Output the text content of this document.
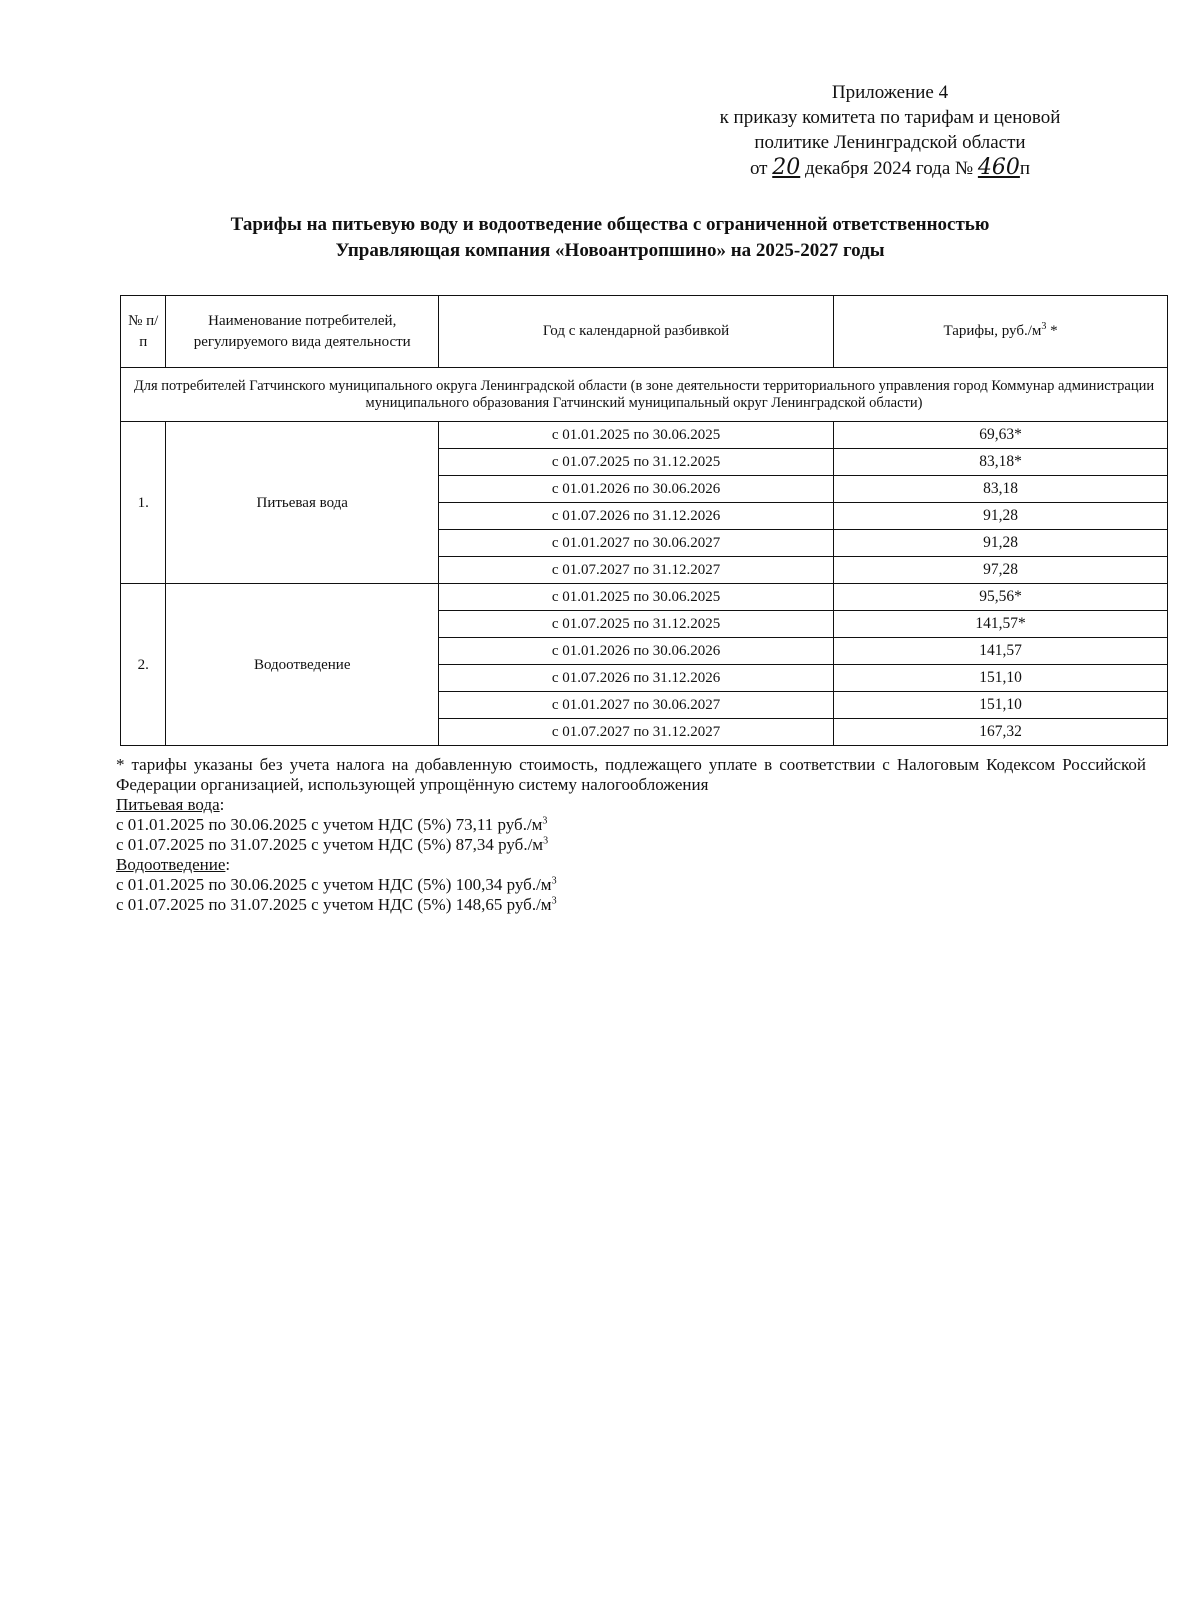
Приложение 4
к приказу комитета по тарифам и ценовой
политике Ленинградской области
от 20 декабря 2024 года № 460п
Тарифы на питьевую воду и водоотведение общества с ограниченной ответственностью
Управляющая компания «Новоантропшино» на 2025-2027 годы
№ п/п	Наименование потребителей, регулируемого вида деятельности	Год с календарной разбивкой	Тарифы, $руб./м^3$ *
Для потребителей Гатчинского муниципального округа Ленинградской области (в зоне деятельности территориального управления город Коммунар администрации муниципального образования Гатчинский муниципальный округ Ленинградской области)			
1.	Питьевая вода	с 01.01.2025 по 30.06.2025	69,63*
		с 01.07.2025 по 31.12.2025	83,18*
		с 01.01.2026 по 30.06.2026	83,18
		с 01.07.2026 по 31.12.2026	91,28
		с 01.01.2027 по 30.06.2027	91,28
		с 01.07.2027 по 31.12.2027	97,28
2.	Водоотведение	с 01.01.2025 по 30.06.2025	95,56*
		с 01.07.2025 по 31.12.2025	141,57*
		с 01.01.2026 по 30.06.2026	141,57
		с 01.07.2026 по 31.12.2026	151,10
		с 01.01.2027 по 30.06.2027	151,10
		с 01.07.2027 по 31.12.2027	167,32
* тарифы указаны без учета налога на добавленную стоимость, подлежащего уплате в соответствии с Налоговым Кодексом Российской Федерации организацией, использующей упрощённую систему налогообложения
Питьевая вода:
с 01.01.2025 по 30.06.2025 с учетом НДС (5%) 73,11 $руб./м^3$
с 01.07.2025 по 31.07.2025 с учетом НДС (5%) 87,34 $руб./м^3$
Водоотведение:
с 01.01.2025 по 30.06.2025 с учетом НДС (5%) 100,34 $руб./м^3$
с 01.07.2025 по 31.07.2025 с учетом НДС (5%) 148,65 $руб./м^3$
